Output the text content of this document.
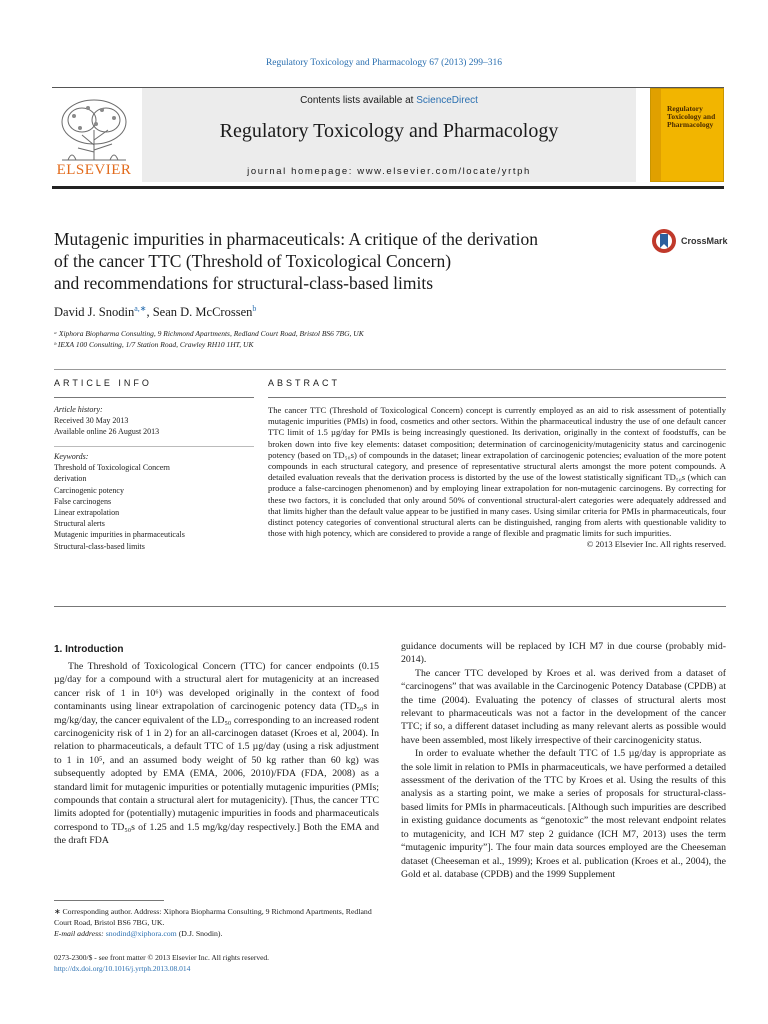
Regulatory Toxicology and Pharmacology 67 (2013) 299–316
Contents lists available at ScienceDirect
Regulatory Toxicology and Pharmacology
journal homepage: www.elsevier.com/locate/yrtph
ELSEVIER
Regulatory Toxicology and Pharmacology
Mutagenic impurities in pharmaceuticals: A critique of the derivation
of the cancer TTC (Threshold of Toxicological Concern)
and recommendations for structural-class-based limits
CrossMark
David J. Snodin$^{a,∗}$, Sean D. McCrossen$^b$
ᵃ Xiphora Biopharma Consulting, 9 Richmond Apartments, Redland Court Road, Bristol BS6 7BG, UK
ᵇ IEXA 100 Consulting, 1/7 Station Road, Crawley RH10 1HT, UK
ARTICLE INFO	ABSTRACT
Article history:
Received 30 May 2013
Available online 26 August 2013
Keywords:
Threshold of Toxicological Concern
derivation
Carcinogenic potency
False carcinogens
Linear extrapolation
Structural alerts
Mutagenic impurities in pharmaceuticals
Structural-class-based limits
The cancer TTC (Threshold of Toxicological Concern) concept is currently employed as an aid to risk assessment of potentially mutagenic impurities (PMIs) in food, cosmetics and other sectors. Within the pharmaceutical industry the use of one default cancer TTC limit of 1.5 µg/day for PMIs is being increasingly questioned. Its derivation, originally in the context of foodstuffs, can be broken down into five key elements: dataset composition; determination of carcinogenicity/mutagenicity status and carcinogenic potency (based on TD₅₀s) of compounds in the dataset; linear extrapolation of carcinogenic potencies; evaluation of the more potent compounds in each structural category, and presence of representative structural alerts amongst the more potent compounds. A detailed evaluation reveals that the derivation process is distorted by the use of the lowest statistically significant TD₅₀s (which can produce a false-carcinogen phenomenon) and by employing linear extrapolation for non-mutagenic carcinogens. By correcting for these two factors, it is concluded that only around 50% of conventional structural-alert categories were adequately addressed and that limits higher than the default value appear to be justified in many cases. Using similar criteria for PMIs in pharmaceuticals, four distinct potency categories of conventional structural alerts can be distinguished, ranging from alerts with questionable validity to those with high potency, which are considered to provide a range of flexible and pragmatic limits for such impurities.
© 2013 Elsevier Inc. All rights reserved.
1. Introduction

The Threshold of Toxicological Concern (TTC) for cancer endpoints (0.15 µg/day for a compound with a structural alert for mutagenicity at an increased cancer risk of 1 in 10⁶) was developed originally in the context of food contaminants using linear extrapolation of carcinogenic potency data (TD₅₀s in mg/kg/day, the cancer equivalent of the LD₅₀ corresponding to an increased rodent carcinogenicity risk of 1 in 2) for an all-carcinogen dataset (Kroes et al, 2004). In relation to pharmaceuticals, a default TTC of 1.5 µg/day (using a risk adjustment to 1 in 10⁵, and an assumed body weight of 50 kg rather than 60 kg) was subsequently adopted by EMA (EMA, 2006, 2010)/FDA (FDA, 2008) as a standard limit for mutagenic impurities or potentially mutagenic impurities (PMIs; compounds that contain a structural alert for mutagenicity). [Thus, the cancer TTC limits adopted for (potentially) mutagenic impurities in foods and pharmaceuticals correspond to TD₅₀s of 1.25 and 1.5 mg/kg/day respectively.] Both the EMA and the draft FDA

guidance documents will be replaced by ICH M7 in due course (probably mid-2014).

The cancer TTC developed by Kroes et al. was derived from a dataset of “carcinogens” that was available in the Carcinogenic Potency Database (CPDB) at the time (2004). Evaluating the potency of classes of structural alerts most relevant to pharmaceuticals was not a factor in the development of the cancer TTC; if so, a different dataset including as many relevant alerts as possible would have been assembled, most likely irrespective of their carcinogenicity status.

In order to evaluate whether the default TTC of 1.5 µg/day is appropriate as the sole limit in relation to PMIs in pharmaceuticals, we have performed a detailed assessment of the derivation of the TTC by Kroes et al. Using the results of this analysis as a starting point, we make a series of proposals for structural-class-based limits for PMIs in pharmaceuticals. [Although such impurities are described in existing guidance documents as “genotoxic” the most relevant endpoint relates to mutagenicity, and ICH M7 step 2 guidance (ICH M7, 2013) uses the term “mutagenic impurity”]. The four main data sources employed are the Cheeseman dataset (Cheeseman et al., 1999); Kroes et al. publication (Kroes et al., 2004), the Gold et al. database (CPDB) and the 1999 Supplement

∗ Corresponding author. Address: Xiphora Biopharma Consulting, 9 Richmond Apartments, Redland Court Road, Bristol BS6 7BG, UK.
E-mail address: snodind@xiphora.com (D.J. Snodin).
0273-2300/$ - see front matter © 2013 Elsevier Inc. All rights reserved.
http://dx.doi.org/10.1016/j.yrtph.2013.08.014
